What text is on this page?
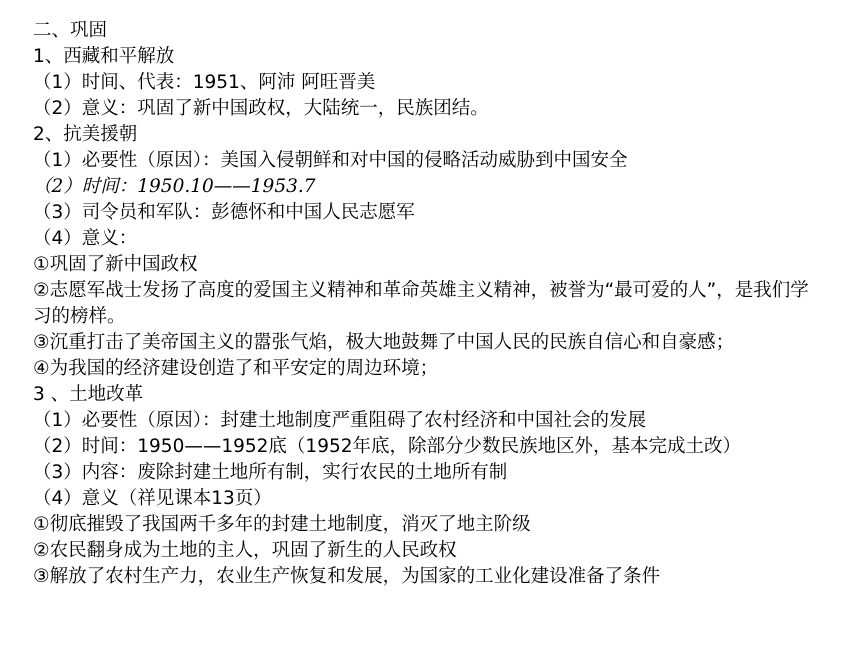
二、巩固
1、西藏和平解放
（1）时间、代表：1951、阿沛 阿旺晋美
（2）意义：巩固了新中国政权，大陆统一，民族团结。
2、抗美援朝
（1）必要性（原因）：美国入侵朝鲜和对中国的侵略活动威胁到中国安全
（2）时间：1950.10——1953.7
（3）司令员和军队：彭德怀和中国人民志愿军
（4）意义：
①巩固了新中国政权
②志愿军战士发扬了高度的爱国主义精神和革命英雄主义精神，被誉为“最可爱的人”，是我们学习的榜样。
③沉重打击了美帝国主义的嚣张气焰，极大地鼓舞了中国人民的民族自信心和自豪感；
④为我国的经济建设创造了和平安定的周边环境；
3 、土地改革
（1）必要性（原因）：封建土地制度严重阻碍了农村经济和中国社会的发展
（2）时间：1950——1952底（1952年底，除部分少数民族地区外，基本完成土改）
（3）内容：废除封建土地所有制，实行农民的土地所有制
（4）意义（祥见课本13页）
①彻底摧毁了我国两千多年的封建土地制度，消灭了地主阶级
②农民翻身成为土地的主人，巩固了新生的人民政权
③解放了农村生产力，农业生产恢复和发展，为国家的工业化建设准备了条件
